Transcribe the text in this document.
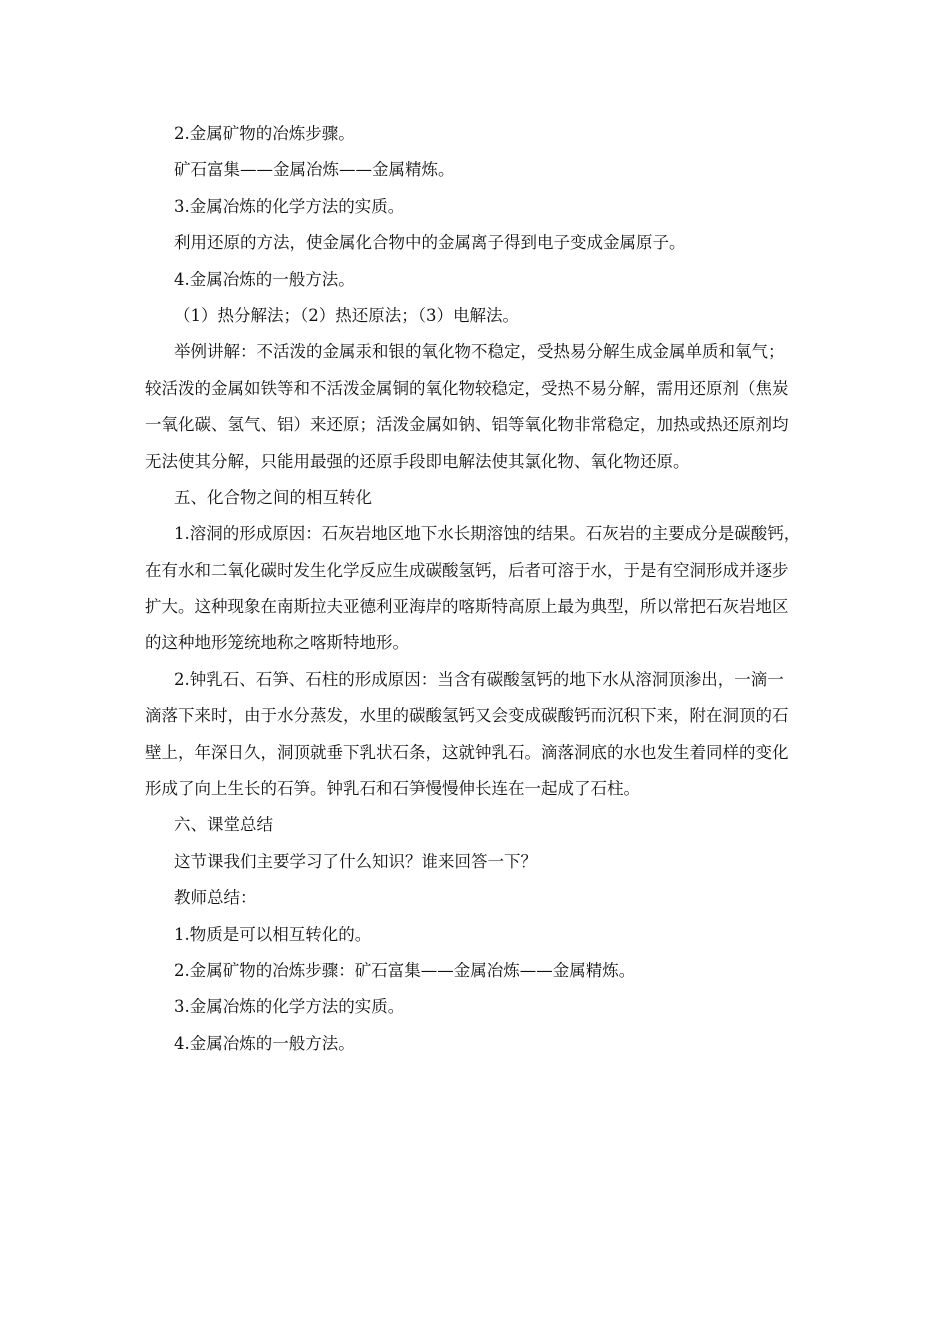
2.金属矿物的冶炼步骤。
矿石富集——金属冶炼——金属精炼。
3.金属冶炼的化学方法的实质。
利用还原的方法，使金属化合物中的金属离子得到电子变成金属原子。
4.金属冶炼的一般方法。
（1）热分解法；（2）热还原法；（3）电解法。
举例讲解：不活泼的金属汞和银的氧化物不稳定，受热易分解生成金属单质和氧气；
较活泼的金属如铁等和不活泼金属铜的氧化物较稳定，受热不易分解，需用还原剂（焦炭
一氧化碳、氢气、铝）来还原；活泼金属如钠、铝等氧化物非常稳定，加热或热还原剂均
无法使其分解，只能用最强的还原手段即电解法使其氯化物、氧化物还原。
五、化合物之间的相互转化
1.溶洞的形成原因：石灰岩地区地下水长期溶蚀的结果。石灰岩的主要成分是碳酸钙，
在有水和二氧化碳时发生化学反应生成碳酸氢钙，后者可溶于水，于是有空洞形成并逐步
扩大。这种现象在南斯拉夫亚德利亚海岸的喀斯特高原上最为典型，所以常把石灰岩地区
的这种地形笼统地称之喀斯特地形。
2.钟乳石、石笋、石柱的形成原因：当含有碳酸氢钙的地下水从溶洞顶渗出，一滴一
滴落下来时，由于水分蒸发，水里的碳酸氢钙又会变成碳酸钙而沉积下来，附在洞顶的石
壁上，年深日久，洞顶就垂下乳状石条，这就钟乳石。滴落洞底的水也发生着同样的变化
形成了向上生长的石笋。钟乳石和石笋慢慢伸长连在一起成了石柱。
六、课堂总结
这节课我们主要学习了什么知识？谁来回答一下？
教师总结：
1.物质是可以相互转化的。
2.金属矿物的冶炼步骤：矿石富集——金属冶炼——金属精炼。
3.金属冶炼的化学方法的实质。
4.金属冶炼的一般方法。
